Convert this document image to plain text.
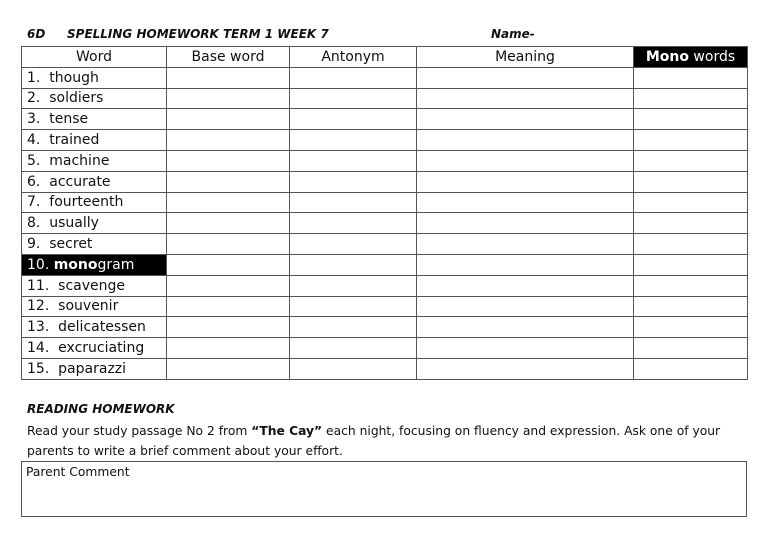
6D SPELLING HOMEWORK TERM 1 WEEK 7	Name-
Word	Base word	Antonym	Meaning	Mono words
1. though				
2. soldiers				
3. tense				
4. trained				
5. machine				
6. accurate				
7. fourteenth				
8. usually				
9. secret				
10. monogram				
11. scavenge				
12. souvenir				
13. delicatessen				
14. excruciating				
15. paparazzi				
READING HOMEWORK
Read your study passage No 2 from “The Cay” each night, focusing on fluency and expression. Ask one of your parents to write a brief comment about your effort.
Parent Comment
